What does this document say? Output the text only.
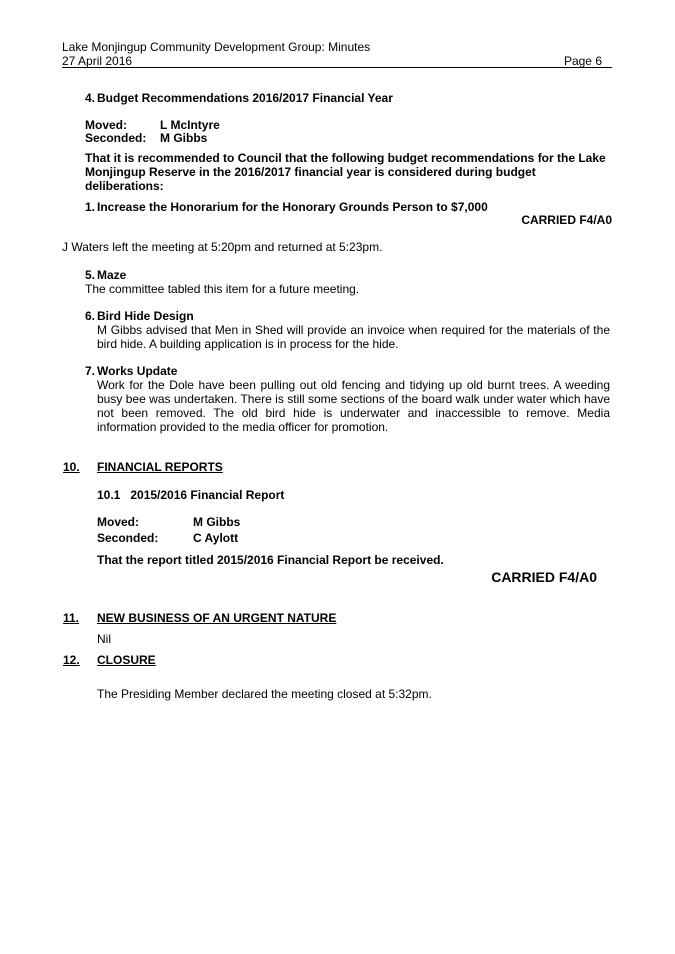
Lake Monjingup Community Development Group: Minutes
27 April 2016	Page 6
4. Budget Recommendations 2016/2017 Financial Year
Moved:	L McIntyre
Seconded: M Gibbs
That it is recommended to Council that the following budget recommendations for the Lake Monjingup Reserve in the 2016/2017 financial year is considered during budget deliberations:
1. Increase the Honorarium for the Honorary Grounds Person to $7,000
CARRIED F4/A0
J Waters left the meeting at 5:20pm and returned at 5:23pm.
5. Maze
The committee tabled this item for a future meeting.
6. Bird Hide Design
M Gibbs advised that Men in Shed will provide an invoice when required for the materials of the bird hide. A building application is in process for the hide.
7. Works Update
Work for the Dole have been pulling out old fencing and tidying up old burnt trees. A weeding busy bee was undertaken. There is still some sections of the board walk under water which have not been removed. The old bird hide is underwater and inaccessible to remove. Media information provided to the media officer for promotion.
10. FINANCIAL REPORTS
10.1   2015/2016 Financial Report
Moved:	M Gibbs
Seconded:	C Aylott
That the report titled 2015/2016 Financial Report be received.
CARRIED F4/A0
11. NEW BUSINESS OF AN URGENT NATURE
Nil
12. CLOSURE
The Presiding Member declared the meeting closed at 5:32pm.
